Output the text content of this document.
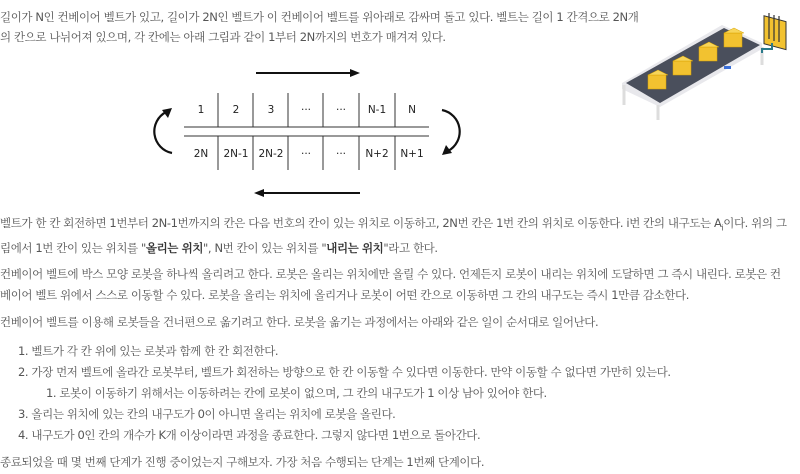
길이가 N인 컨베이어 벨트가 있고, 길이가 2N인 벨트가 이 컨베이어 벨트를 위아래로 감싸며 돌고 있다. 벨트는 길이 1 간격으로 2N개

의 칸으로 나뉘어져 있으며, 각 칸에는 아래 그림과 같이 1부터 2N까지의 번호가 매겨져 있다.

1	2	3	··· ··· N-1 N
2N 2N-1 2N-2 ··· ··· N+2 N+1

벨트가 한 칸 회전하면 1번부터 2N-1번까지의 칸은 다음 번호의 칸이 있는 위치로 이동하고, 2N번 칸은 1번 칸의 위치로 이동한다. i번 칸의 내구도는 $A_i$이다. 위의 그림에서 1번 칸이 있는 위치를 "올리는 위치", N번 칸이 있는 위치를 "내리는 위치"라고 한다.

컨베이어 벨트에 박스 모양 로봇을 하나씩 올리려고 한다. 로봇은 올리는 위치에만 올릴 수 있다. 언제든지 로봇이 내리는 위치에 도달하면 그 즉시 내린다. 로봇은 컨베이어 벨트 위에서 스스로 이동할 수 있다. 로봇을 올리는 위치에 올리거나 로봇이 어떤 칸으로 이동하면 그 칸의 내구도는 즉시 1만큼 감소한다.

컨베이어 벨트를 이용해 로봇들을 건너편으로 옮기려고 한다. 로봇을 옮기는 과정에서는 아래와 같은 일이 순서대로 일어난다.

1. 벨트가 각 칸 위에 있는 로봇과 함께 한 칸 회전한다.
2. 가장 먼저 벨트에 올라간 로봇부터, 벨트가 회전하는 방향으로 한 칸 이동할 수 있다면 이동한다. 만약 이동할 수 없다면 가만히 있는다.
1. 로봇이 이동하기 위해서는 이동하려는 칸에 로봇이 없으며, 그 칸의 내구도가 1 이상 남아 있어야 한다.
3. 올리는 위치에 있는 칸의 내구도가 0이 아니면 올리는 위치에 로봇을 올린다.
4. 내구도가 0인 칸의 개수가 K개 이상이라면 과정을 종료한다. 그렇지 않다면 1번으로 돌아간다.

종료되었을 때 몇 번째 단계가 진행 중이었는지 구해보자. 가장 처음 수행되는 단계는 1번째 단계이다.
